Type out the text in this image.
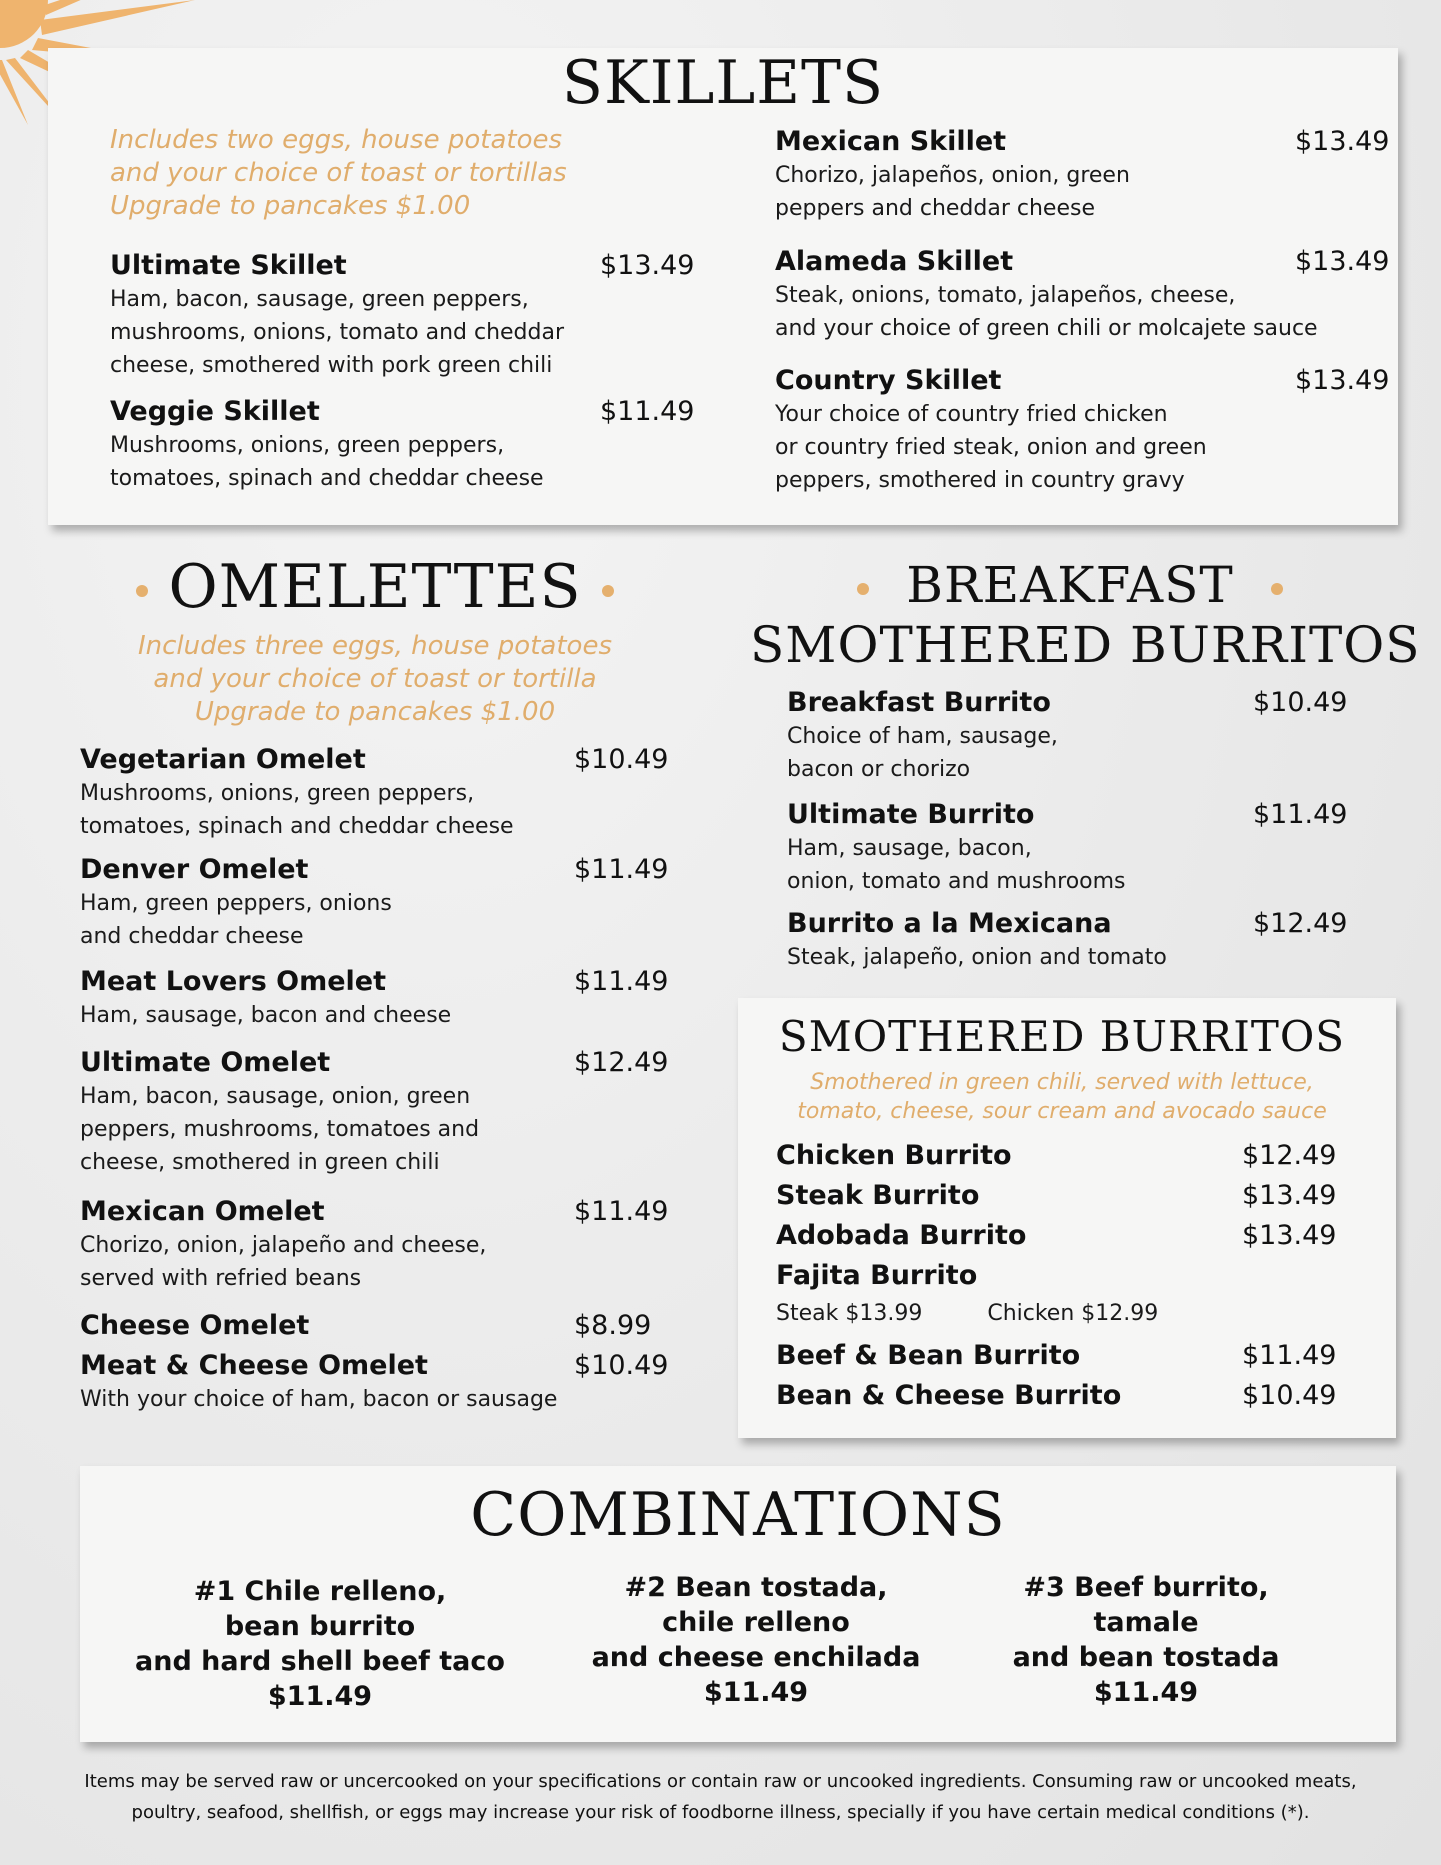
SKILLETS
Includes two eggs, house potatoes
and your choice of toast or tortillas
Upgrade to pancakes $1.00
Ultimate Skillet	$13.49
Ham, bacon, sausage, green peppers,
mushrooms, onions, tomato and cheddar
cheese, smothered with pork green chili
Veggie Skillet	$11.49
Mushrooms, onions, green peppers,
tomatoes, spinach and cheddar cheese
Mexican Skillet	$13.49
Chorizo, jalapeños, onion, green
peppers and cheddar cheese
Alameda Skillet	$13.49
Steak, onions, tomato, jalapeños, cheese,
and your choice of green chili or molcajete sauce
Country Skillet	$13.49
Your choice of country fried chicken
or country fried steak, onion and green
peppers, smothered in country gravy
OMELETTES
Includes three eggs, house potatoes
and your choice of toast or tortilla
Upgrade to pancakes $1.00
Vegetarian Omelet	$10.49
Mushrooms, onions, green peppers,
tomatoes, spinach and cheddar cheese
Denver Omelet	$11.49
Ham, green peppers, onions
and cheddar cheese
Meat Lovers Omelet	$11.49
Ham, sausage, bacon and cheese
Ultimate Omelet	$12.49
Ham, bacon, sausage, onion, green
peppers, mushrooms, tomatoes and
cheese, smothered in green chili
Mexican Omelet	$11.49
Chorizo, onion, jalapeño and cheese,
served with refried beans
Cheese Omelet	$8.99
Meat & Cheese Omelet	$10.49
With your choice of ham, bacon or sausage
BREAKFAST
SMOTHERED BURRITOS
Breakfast Burrito	$10.49
Choice of ham, sausage,
bacon or chorizo
Ultimate Burrito	$11.49
Ham, sausage, bacon,
onion, tomato and mushrooms
Burrito a la Mexicana	$12.49
Steak, jalapeño, onion and tomato
SMOTHERED BURRITOS
Smothered in green chili, served with lettuce,
tomato, cheese, sour cream and avocado sauce
Chicken Burrito	$12.49
Steak Burrito	$13.49
Adobada Burrito	$13.49
Fajita Burrito
Steak $13.99	Chicken $12.99
Beef & Bean Burrito	$11.49
Bean & Cheese Burrito	$10.49
COMBINATIONS
#1 Chile relleno,
bean burrito
and hard shell beef taco
$11.49
#2 Bean tostada,
chile relleno
and cheese enchilada
$11.49
#3 Beef burrito,
tamale
and bean tostada
$11.49
Items may be served raw or uncercooked on your specifications or contain raw or uncooked ingredients. Consuming raw or uncooked meats,
poultry, seafood, shellfish, or eggs may increase your risk of foodborne illness, specially if you have certain medical conditions (*).
